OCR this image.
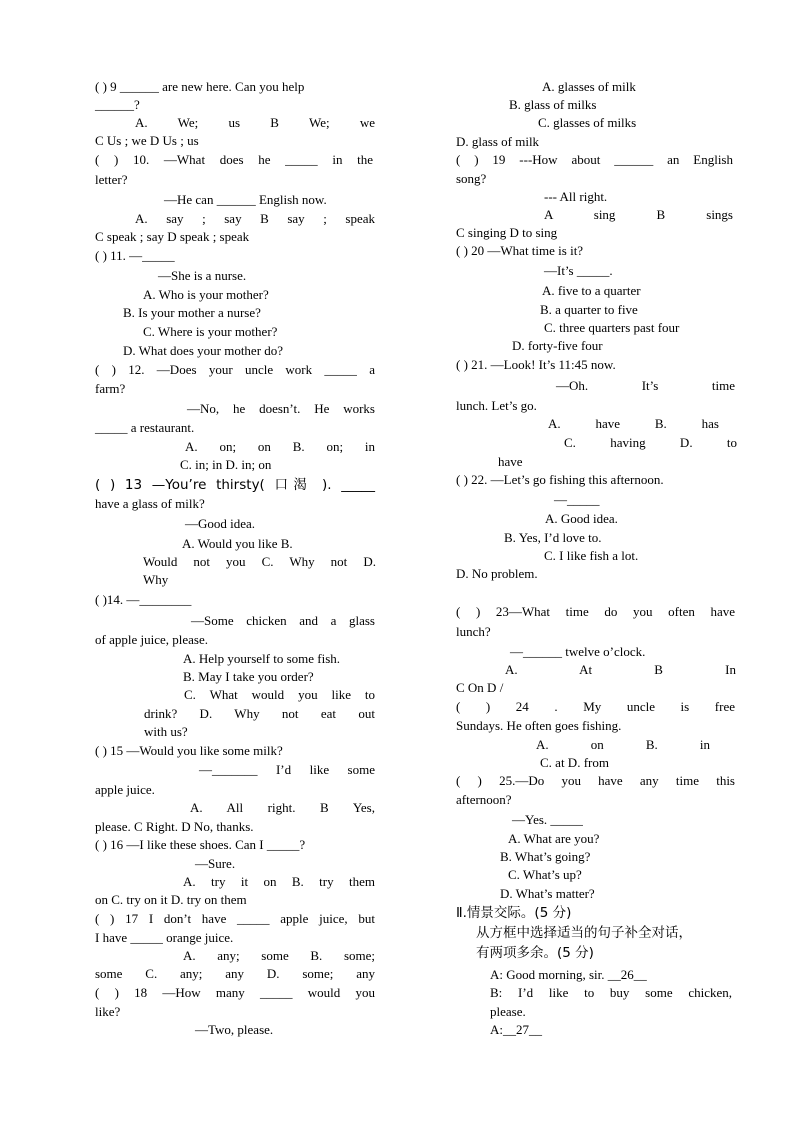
( ) 9 ______ are new here. Can you help
______?
A. We; us B We; we
C Us ; we D Us ; us
( ) 10. —What does he _____ in the
letter?
—He can ______ English now.
A. say ; say B say ; speak
C speak ; say D speak ; speak
( ) 11. —_____
—She is a nurse.
A. Who is your mother?
B. Is your mother a nurse?
C. Where is your mother?
D. What does your mother do?
( ) 12. —Does your uncle work _____ a
farm?
—No, he doesn’t. He works
_____ a restaurant.
A. on; on B. on; in
C. in; in D. in; on
( ) 13 —You’re thirsty( 口渴 ). _____
have a glass of milk?
—Good idea.
A. Would you like B.
Would not you C. Why not D.
Why
( )14. —________
—Some chicken and a glass
of apple juice, please.
A. Help yourself to some fish.
B. May I take you order?
C. What would you like to
drink? D. Why not eat out
with us?
( ) 15 —Would you like some milk?
—_______ I’d like some
apple juice.
A. All right. B Yes,
please. C Right. D No, thanks.
( ) 16 —I like these shoes. Can I _____?
—Sure.
A. try it on B. try them
on C. try on it D. try on them
( ) 17 I don’t have _____ apple juice, but
I have _____ orange juice.
A. any; some B. some;
some C. any; any D. some; any
( ) 18 —How many _____ would you
like?
—Two, please.
A. glasses of milk
B. glass of milks
C. glasses of milks
D. glass of milk
( ) 19 ---How about ______ an English
song?
--- All right.
A sing B sings
C singing D to sing
( ) 20 —What time is it?
—It’s _____.
A. five to a quarter
B. a quarter to five
C. three quarters past four
D. forty-five four
( ) 21. —Look! It’s 11:45 now.
—Oh. It’s time
lunch. Let’s go.
A. have B. has
C. having D. to
have
( ) 22. —Let’s go fishing this afternoon.
—_____
A. Good idea.
B. Yes, I’d love to.
C. I like fish a lot.
D. No problem.
( ) 23—What time do you often have
lunch?
—______ twelve o’clock.
A. At B In
C On D /
( ) 24 . My uncle is free
Sundays. He often goes fishing.
A. on B. in
C. at D. from
( ) 25.—Do you have any time this
afternoon?
—Yes. _____
A. What are you?
B. What’s going?
C. What’s up?
D. What’s matter?
Ⅱ.情景交际。(5 分)
从方框中选择适当的句子补全对话，
有两项多余。(5 分)
A: Good morning, sir. __26__
B: I’d like to buy some chicken,
please.
A:__27__
